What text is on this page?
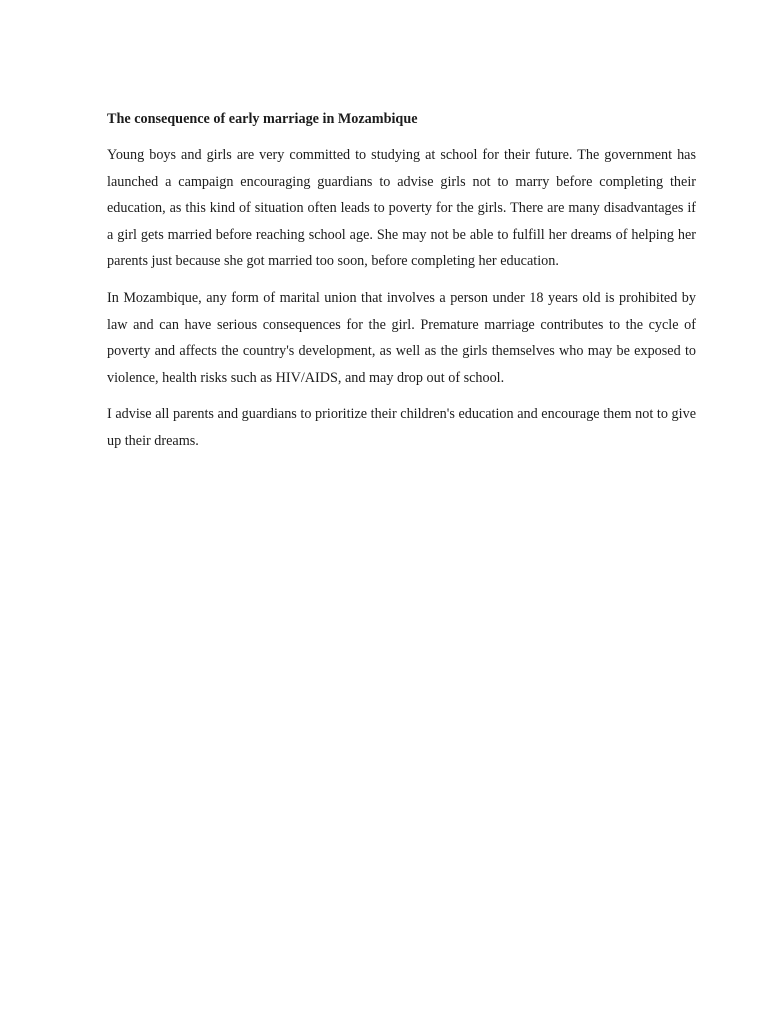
The consequence of early marriage in Mozambique

Young boys and girls are very committed to studying at school for their future. The government has launched a campaign encouraging guardians to advise girls not to marry before completing their education, as this kind of situation often leads to poverty for the girls. There are many disadvantages if a girl gets married before reaching school age. She may not be able to fulfill her dreams of helping her parents just because she got married too soon, before completing her education.

In Mozambique, any form of marital union that involves a person under 18 years old is prohibited by law and can have serious consequences for the girl. Premature marriage contributes to the cycle of poverty and affects the country's development, as well as the girls themselves who may be exposed to violence, health risks such as HIV/AIDS, and may drop out of school.

I advise all parents and guardians to prioritize their children's education and encourage them not to give up their dreams.
